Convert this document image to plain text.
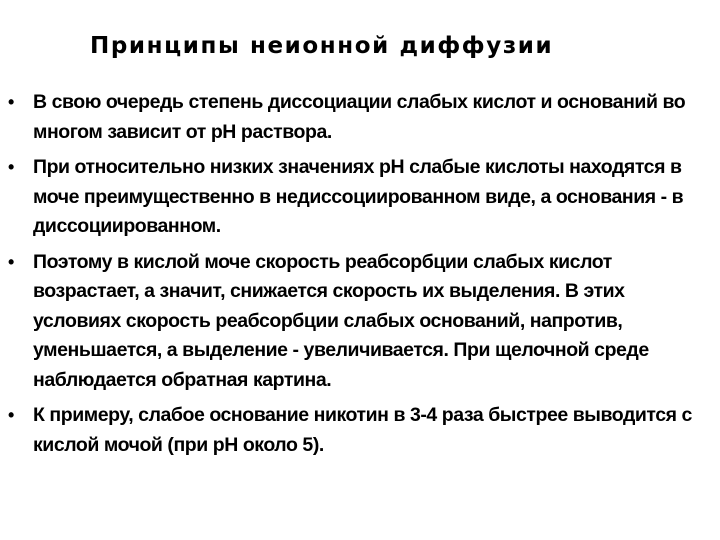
Принципы неионной диффузии
• В свою очередь степень диссоциации слабых кислот и оснований во многом зависит от рН раствора.
• При относительно низких значениях рН слабые кислоты находятся в моче преимущественно в недиссоциированном виде, а основания - в диссоциированном.
• Поэтому в кислой моче скорость реабсорбции слабых кислот возрастает, а значит, снижается скорость их выделения. В этих условиях скорость реабсорбции слабых оснований, напротив, уменьшается, а выделение - увеличивается. При щелочной среде наблюдается обратная картина.
• К примеру, слабое основание никотин в 3-4 раза быстрее выводится с кислой мочой (при рН около 5).
